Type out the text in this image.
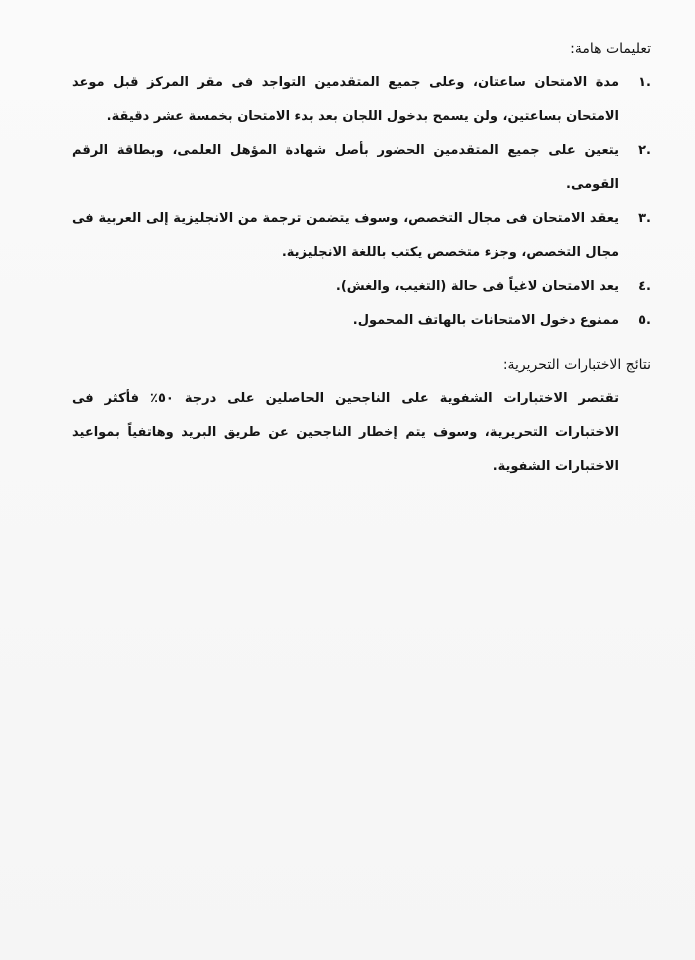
تعليمات هامة:
.١
مدة الامتحان ساعتان، وعلى جميع المتقدمين التواجد فى مقر المركز قبل موعد الامتحان بساعتين، ولن يسمح بدخول اللجان بعد بدء الامتحان بخمسة عشر دقيقة.
.٢
يتعين على جميع المتقدمين الحضور بأصل شهادة المؤهل العلمى، وبطاقة الرقم القومى.
.٣
يعقد الامتحان فى مجال التخصص، وسوف يتضمن ترجمة من الانجليزية إلى العربية فى مجال التخصص، وجزء متخصص يكتب باللغة الانجليزية.
.٤
يعد الامتحان لاغياً فى حالة (التغيب، والغش).
.٥
ممنوع دخول الامتحانات بالهاتف المحمول.
نتائج الاختبارات التحريرية:

تقتصر الاختبارات الشفوية على الناجحين الحاصلين على درجة ٥٠٪ فأكثر فى الاختبارات التحريرية، وسوف يتم إخطار الناجحين عن طريق البريد وهاتفياً بمواعيد الاختبارات الشفوية.
